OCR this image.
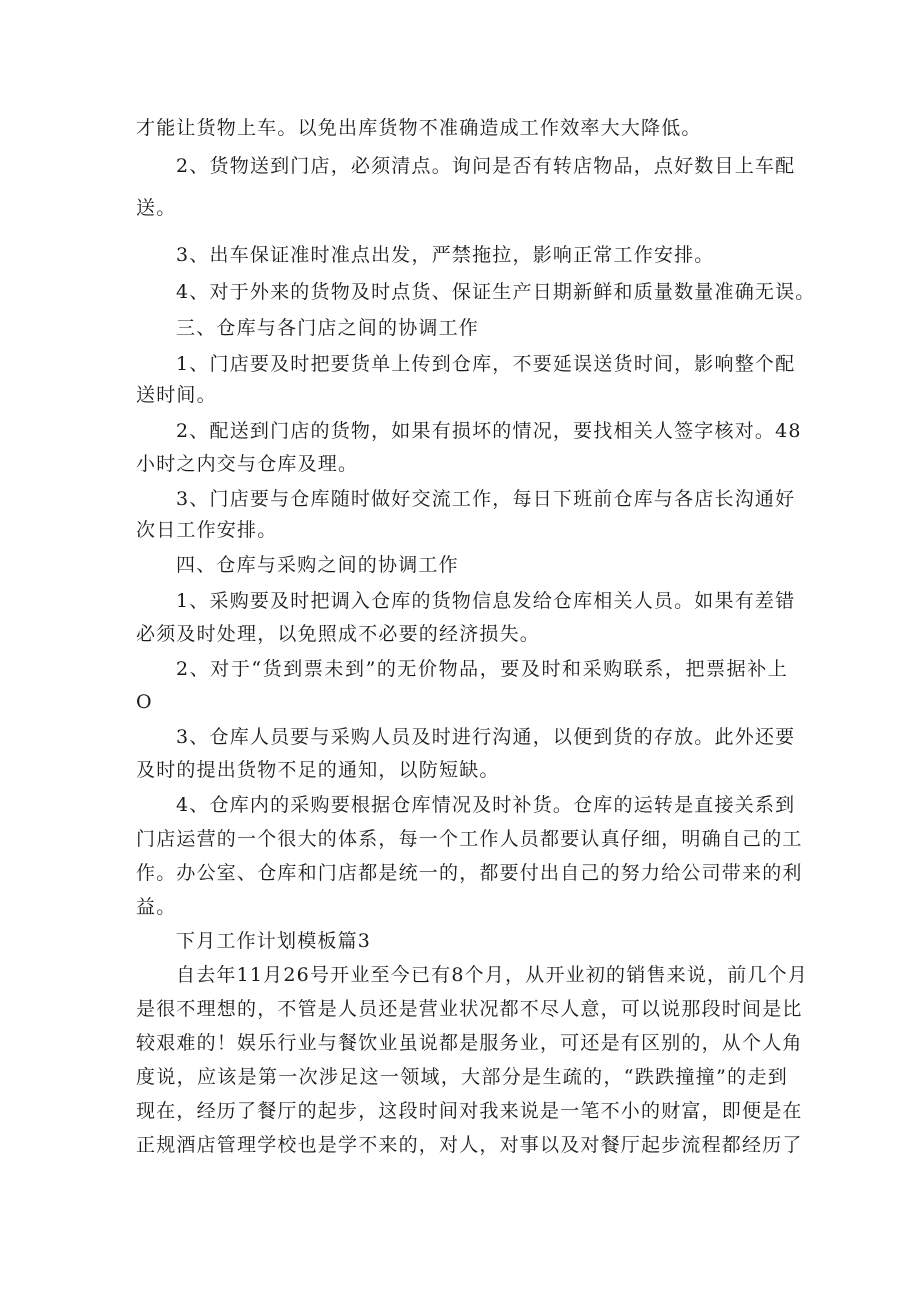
才能让货物上车。以免出库货物不准确造成工作效率大大降低。
2、货物送到门店，必须清点。询问是否有转店物品，点好数目上车配
送。
3、出车保证准时准点出发，严禁拖拉，影响正常工作安排。
4、对于外来的货物及时点货、保证生产日期新鲜和质量数量准确无误。
三、仓库与各门店之间的协调工作
1、门店要及时把要货单上传到仓库，不要延误送货时间，影响整个配
送时间。
2、配送到门店的货物，如果有损坏的情况，要找相关人签字核对。48
小时之内交与仓库及理。
3、门店要与仓库随时做好交流工作，每日下班前仓库与各店长沟通好
次日工作安排。
四、仓库与采购之间的协调工作
1、采购要及时把调入仓库的货物信息发给仓库相关人员。如果有差错
必须及时处理，以免照成不必要的经济损失。
2、对于“货到票未到”的无价物品，要及时和采购联系，把票据补上
O
3、仓库人员要与采购人员及时进行沟通，以便到货的存放。此外还要
及时的提出货物不足的通知，以防短缺。
4、仓库内的采购要根据仓库情况及时补货。仓库的运转是直接关系到
门店运营的一个很大的体系，每一个工作人员都要认真仔细，明确自己的工
作。办公室、仓库和门店都是统一的，都要付出自己的努力给公司带来的利
益。
下月工作计划模板篇3
自去年11月26号开业至今已有8个月，从开业初的销售来说，前几个月
是很不理想的，不管是人员还是营业状况都不尽人意，可以说那段时间是比
较艰难的！娱乐行业与餐饮业虽说都是服务业，可还是有区别的，从个人角
度说，应该是第一次涉足这一领域，大部分是生疏的，“跌跌撞撞”的走到
现在，经历了餐厅的起步，这段时间对我来说是一笔不小的财富，即便是在
正规酒店管理学校也是学不来的，对人，对事以及对餐厅起步流程都经历了
